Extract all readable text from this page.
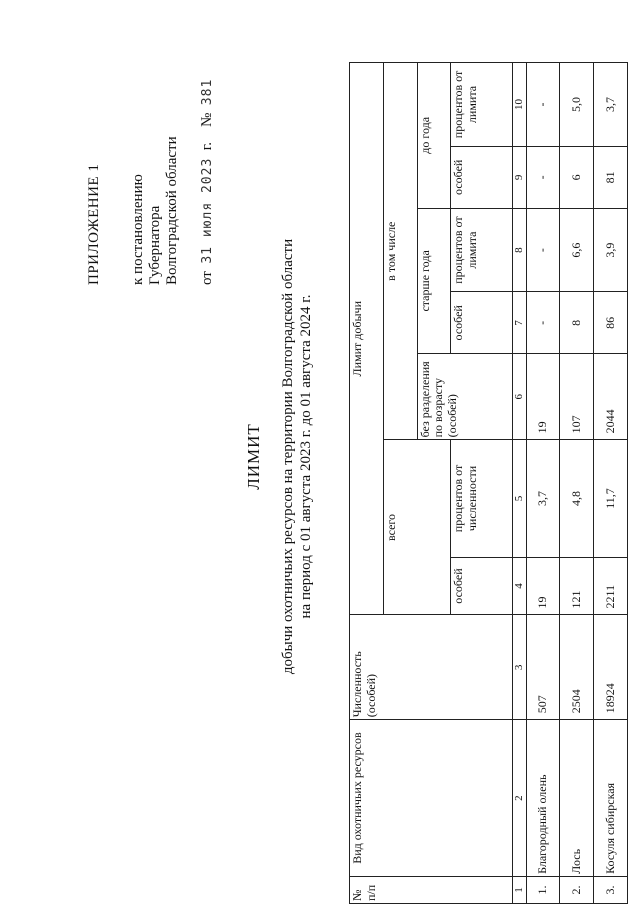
ПРИЛОЖЕНИЕ 1 к постановлению Губернатора Волгоградской области от  31 июля 2023  г.    №  381
ЛИМИТ добычи охотничьих ресурсов на территории Волгоградской области на период с 01 августа 2023 г. до 01 августа 2024 г.
№ п/п	Вид охотничьих ресурсов	Численность (особей)	Лимит добычи						
			всего		в том числе				
					без разделения по возрасту (особей)	старше года		до года	
			особей	процентов от численности		особей	процентов от лимита	особей	процентов от лимита
1	2	3	4	5	6	7	8	9	10
1.	Благородный олень	507	19	3,7	19	-	-	-	-
2.	Лось	2504	121	4,8	107	8	6,6	6	5,0
3.	Косуля сибирская	18924	2211	11,7	2044	86	3,9	81	3,7
